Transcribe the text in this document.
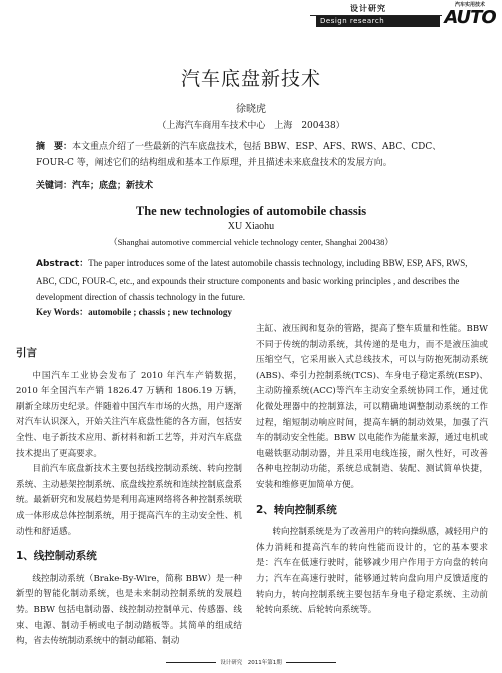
设计研究
Design research
汽车实用技术
AUTO
汽车底盘新技术
徐晓虎
（上海汽车商用车技术中心　上海　200438）
摘　要：本文重点介绍了一些最新的汽车底盘技术，包括 BBW、ESP、AFS、RWS、ABC、CDC、FOUR-C 等，阐述它们的结构组成和基本工作原理，并且描述未来底盘技术的发展方向。
关键词：汽车；底盘；新技术
The new technologies of automobile chassis
XU Xiaohu
（Shanghai automotive commercial vehicle technology center, Shanghai 200438）
Abstract：The paper introduces some of the latest automobile chassis technology, including BBW, ESP, AFS, RWS, ABC, CDC, FOUR-C, etc., and expounds their structure components and basic working principles , and describes the development direction of chassis technology in the future.
Key Words：automobile ; chassis ; new technology
引言

中国汽车工业协会发布了 2010 年汽车产销数据，2010 年全国汽车产销 1826.47 万辆和 1806.19 万辆，刷新全球历史纪录。伴随着中国汽车市场的火热，用户逐渐对汽车认识深入，开始关注汽车底盘性能的各方面，包括安全性、电子新技术应用、新材料和新工艺等，并对汽车底盘技术提出了更高要求。

目前汽车底盘新技术主要包括线控制动系统、转向控制系统、主动悬架控制系统、底盘线控系统和连续控制底盘系统。最新研究和发展趋势是利用高速网络将各种控制系统联成一体形成总体控制系统，用于提高汽车的主动安全性、机动性和舒适感。

1、线控制动系统

线控制动系统（Brake-By-Wire，简称 BBW）是一种新型的智能化制动系统，也是未来制动控制系统的发展趋势。BBW 包括电制动器、线控制动控制单元、传感器、线束、电源、制动手柄或电子制动踏板等。其简单的组成结构，省去传统制动系统中的制动邮箱、制动

主缸、液压阀和复杂的管路，提高了整车质量和性能。BBW 不同于传统的制动系统，其传递的是电力，而不是液压油或压缩空气，它采用嵌入式总线技术，可以与防抱死制动系统(ABS)、牵引力控制系统(TCS)、车身电子稳定系统(ESP)、主动防撞系统(ACC)等汽车主动安全系统协同工作，通过优化微处理器中的控制算法，可以精确地调整制动系统的工作过程，缩短制动响应时间，提高车辆的制动效果，加强了汽车的制动安全性能。BBW 以电能作为能量来源，通过电机或电磁铁驱动制动器，并且采用电线连接，耐久性好，可改善各种电控制动功能，系统总成制造、装配、测试简单快捷，安装和维修更加简单方便。

2、转向控制系统

转向控制系统是为了改善用户的转向操纵感，减轻用户的体力消耗和提高汽车的转向性能而设计的，它的基本要求是：汽车在低速行驶时，能够减少用户作用于方向盘的转向力；汽车在高速行驶时，能够通过转向盘向用户反馈适度的转向力，转向控制系统主要包括车身电子稳定系统、主动前轮转向系统、后轮转向系统等。

设计研究　2011年第1期
